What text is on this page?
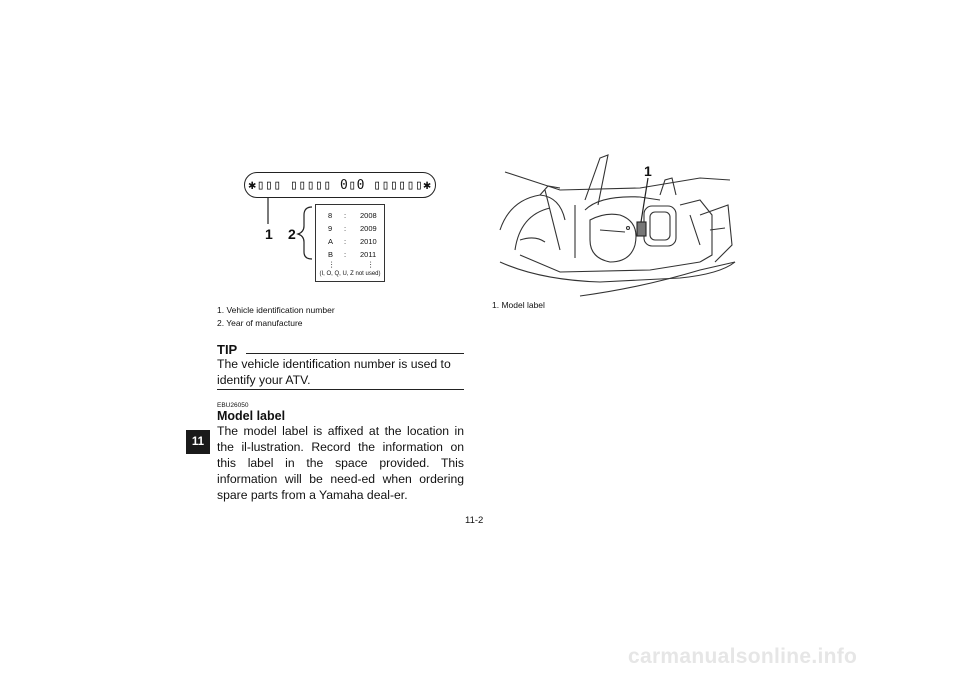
✱▯▯▯ ▯▯▯▯▯ 0▯0 ▯▯▯▯▯▯✱
1 2
8 : 2008
9 : 2009
A : 2010
B : 2011
⋮	⋮
(I, O, Q, U, Z not used)
1. Vehicle identification number
2. Year of manufacture
1
1. Model label
TIP
The vehicle identification number is used to identify your ATV.
EBU26050
Model label
The model label is affixed at the location in the il-lustration. Record the information on this label in the space provided. This information will be need-ed when ordering spare parts from a Yamaha deal-er.
11
11-2
carmanualsonline.info
